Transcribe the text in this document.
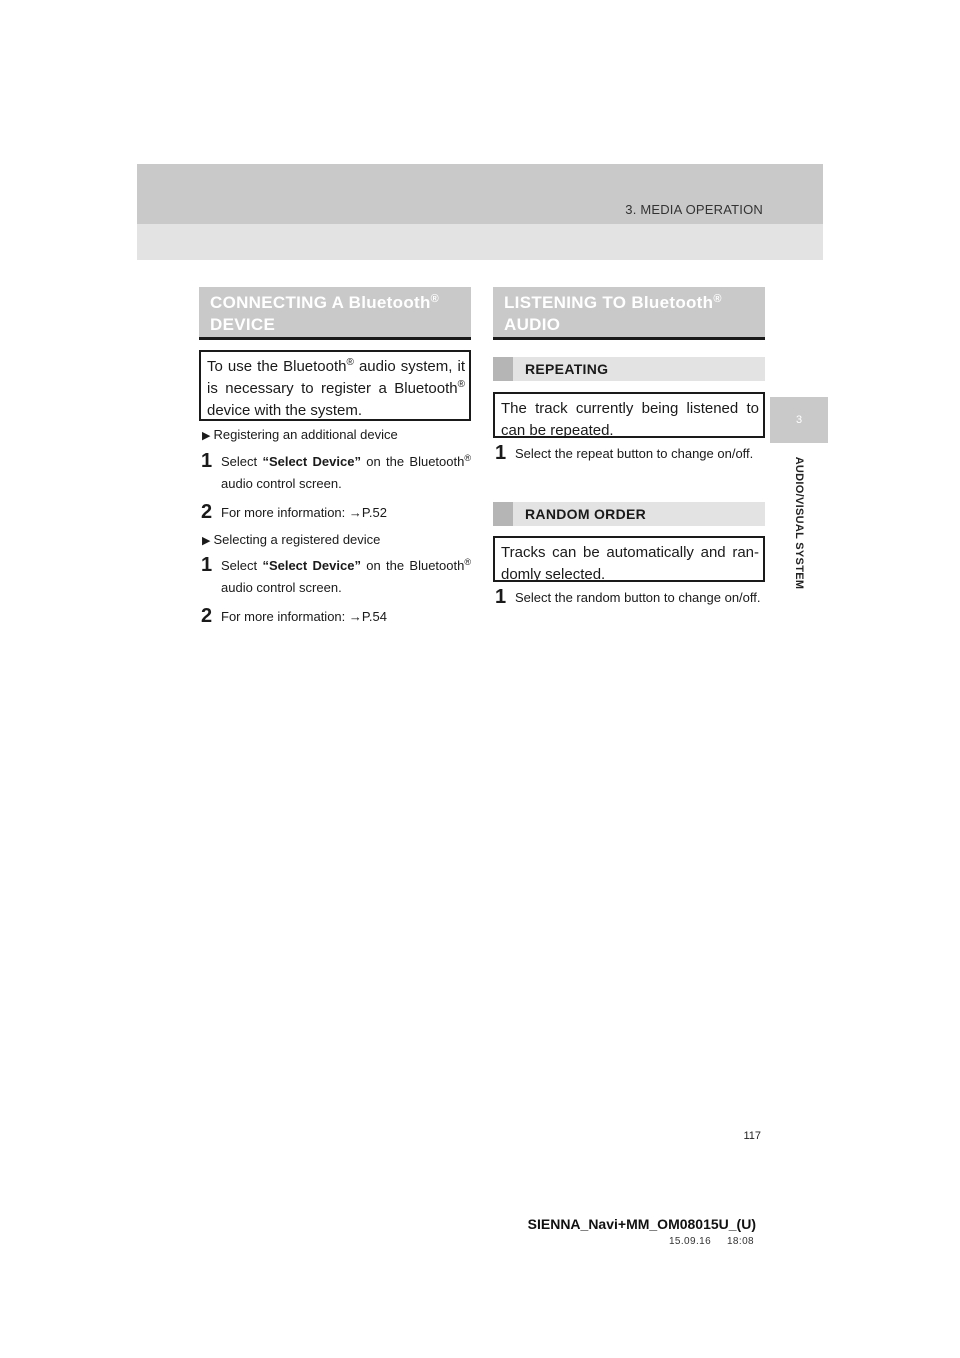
3. MEDIA OPERATION
3
AUDIO/VISUAL SYSTEM
CONNECTING A Bluetooth®
DEVICE
To use the Bluetooth® audio system, it is necessary to register a Bluetooth® device with the system.
▶ Registering an additional device
1 Select “Select Device” on the Bluetooth® audio control screen.
2 For more information: →P.52
▶ Selecting a registered device
1 Select “Select Device” on the Bluetooth® audio control screen.
2 For more information: →P.54
LISTENING TO Bluetooth®
AUDIO
REPEATING
The track currently being listened to can be repeated.
1 Select the repeat button to change on/off.
RANDOM ORDER
Tracks can be automatically and ran-domly selected.
1 Select the random button to change on/off.
117
SIENNA_Navi+MM_OM08015U_(U)
15.09.16     18:08
